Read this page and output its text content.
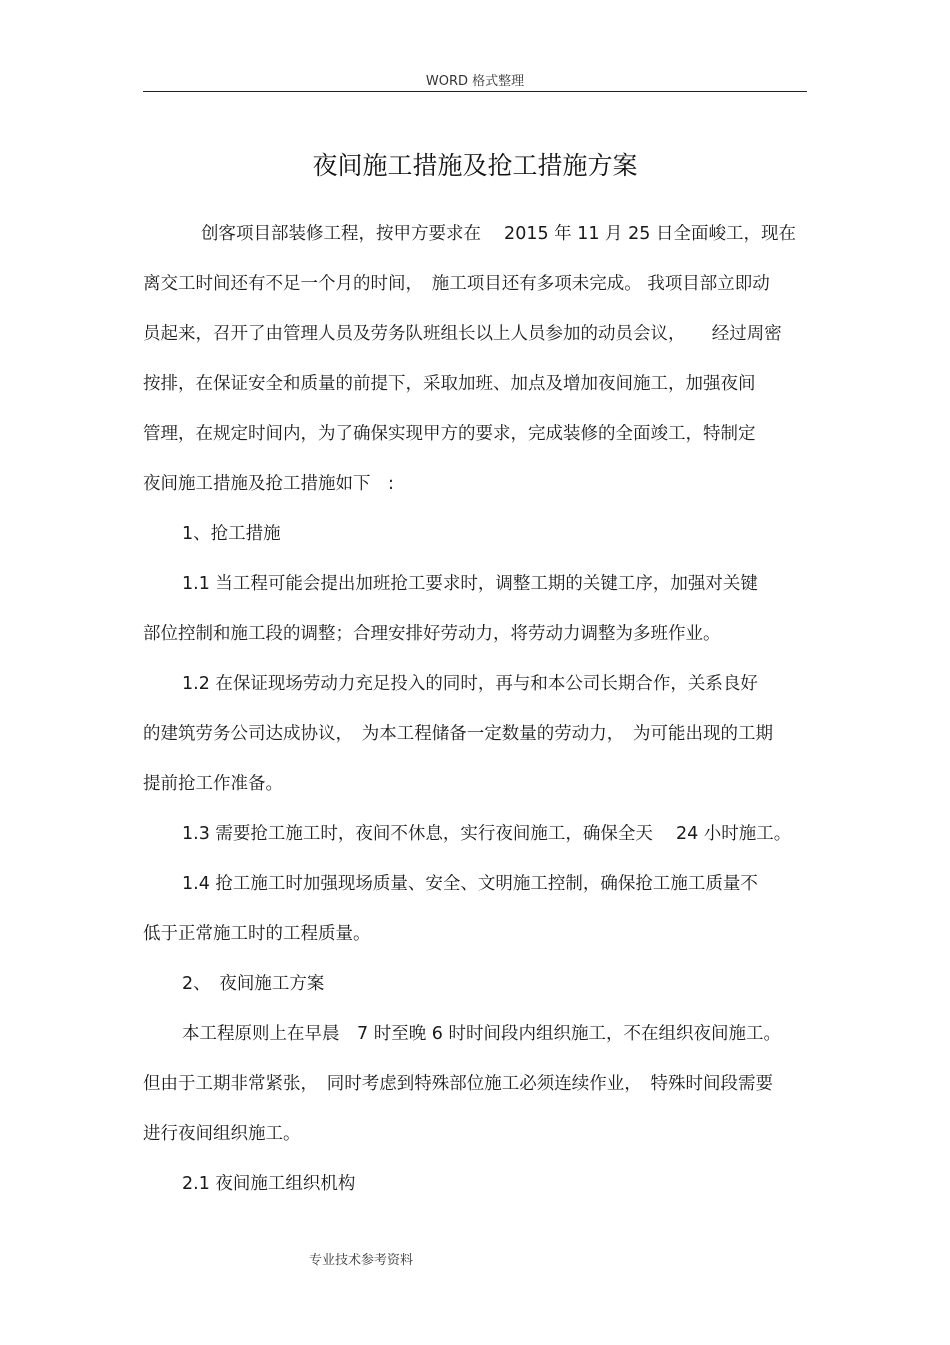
WORD 格式整理
夜间施工措施及抢工措施方案
创客项目部装修工程，按甲方要求在　 2015 年 11 月 25 日全面峻工，现在
离交工时间还有不足一个月的时间，　施工项目还有多项未完成。 我项目部立即动
员起来，召开了由管理人员及劳务队班组长以上人员参加的动员会议，　　经过周密
按排，在保证安全和质量的前提下，采取加班、加点及增加夜间施工，加强夜间
管理，在规定时间内，为了确保实现甲方的要求，完成装修的全面竣工，特制定
夜间施工措施及抢工措施如下　:
1、抢工措施
1.1 当工程可能会提出加班抢工要求时，调整工期的关键工序，加强对关键
部位控制和施工段的调整；合理安排好劳动力，将劳动力调整为多班作业。
1.2 在保证现场劳动力充足投入的同时，再与和本公司长期合作，关系良好
的建筑劳务公司达成协议，　为本工程储备一定数量的劳动力，　为可能出现的工期
提前抢工作准备。
1.3 需要抢工施工时，夜间不休息，实行夜间施工，确保全天　 24 小时施工。
1.4 抢工施工时加强现场质量、安全、文明施工控制，确保抢工施工质量不
低于正常施工时的工程质量。
2、　夜间施工方案
本工程原则上在早晨　7 时至晚 6 时时间段内组织施工，不在组织夜间施工。
但由于工期非常紧张，　同时考虑到特殊部位施工必须连续作业，　特殊时间段需要
进行夜间组织施工。
2.1 夜间施工组织机构
专业技术参考资料
